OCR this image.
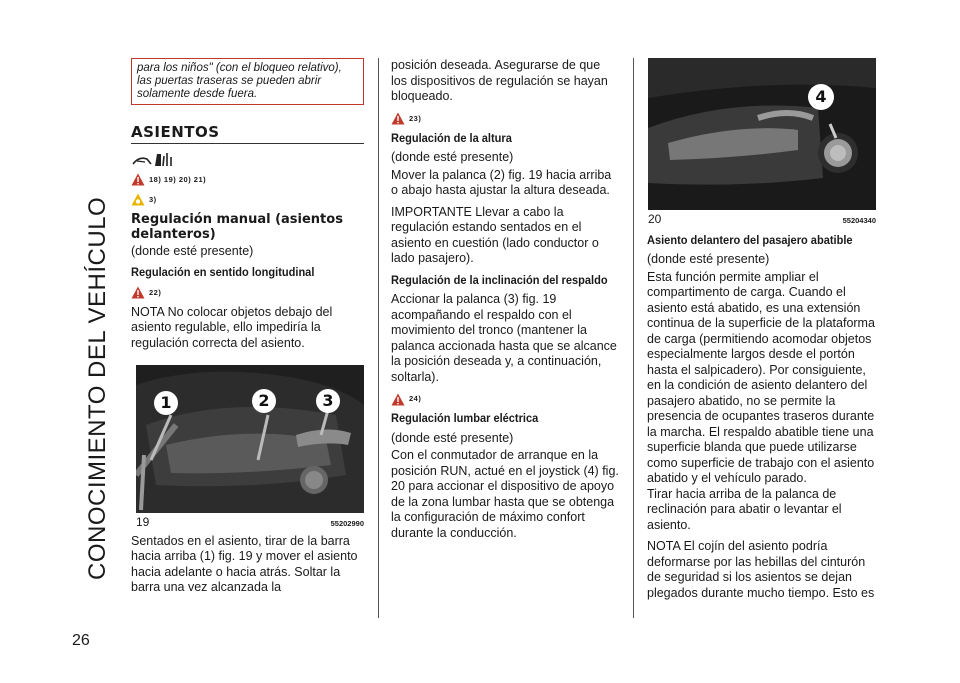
CONOCIMIENTO DEL VEHÍCULO
26
para los niños" (con el bloqueo relativo), las puertas traseras se pueden abrir solamente desde fuera.
ASIENTOS
18) 19) 20) 21)
3)
Regulación manual (asientos delanteros)

(donde esté presente)

Regulación en sentido longitudinal
22)

NOTA No colocar objetos debajo del asiento regulable, ello impediría la regulación correcta del asiento.

1	2	3
19	55202990

Sentados en el asiento, tirar de la barra hacia arriba (1) fig. 19 y mover el asiento hacia adelante o hacia atrás. Soltar la barra una vez alcanzada la

posición deseada. Asegurarse de que los dispositivos de regulación se hayan bloqueado.

23)
Regulación de la altura

(donde esté presente)

Mover la palanca (2) fig. 19 hacia arriba o abajo hasta ajustar la altura deseada.

IMPORTANTE Llevar a cabo la regulación estando sentados en el asiento en cuestión (lado conductor o lado pasajero).

Regulación de la inclinación del respaldo

Accionar la palanca (3) fig. 19 acompañando el respaldo con el movimiento del tronco (mantener la palanca accionada hasta que se alcance la posición deseada y, a continuación, soltarla).

24)
Regulación lumbar eléctrica

(donde esté presente)

Con el conmutador de arranque en la posición RUN, actué en el joystick (4) fig. 20 para accionar el dispositivo de apoyo de la zona lumbar hasta que se obtenga la configuración de máximo confort durante la conducción.

4
20	55204340
Asiento delantero del pasajero abatible

(donde esté presente)

Esta función permite ampliar el compartimento de carga. Cuando el asiento está abatido, es una extensión continua de la superficie de la plataforma de carga (permitiendo acomodar objetos especialmente largos desde el portón hasta el salpicadero). Por consiguiente, en la condición de asiento delantero del pasajero abatido, no se permite la presencia de ocupantes traseros durante la marcha. El respaldo abatible tiene una superficie blanda que puede utilizarse como superficie de trabajo con el asiento abatido y el vehículo parado.

Tirar hacia arriba de la palanca de reclinación para abatir o levantar el asiento.

NOTA El cojín del asiento podría deformarse por las hebillas del cinturón de seguridad si los asientos se dejan plegados durante mucho tiempo. Esto es
